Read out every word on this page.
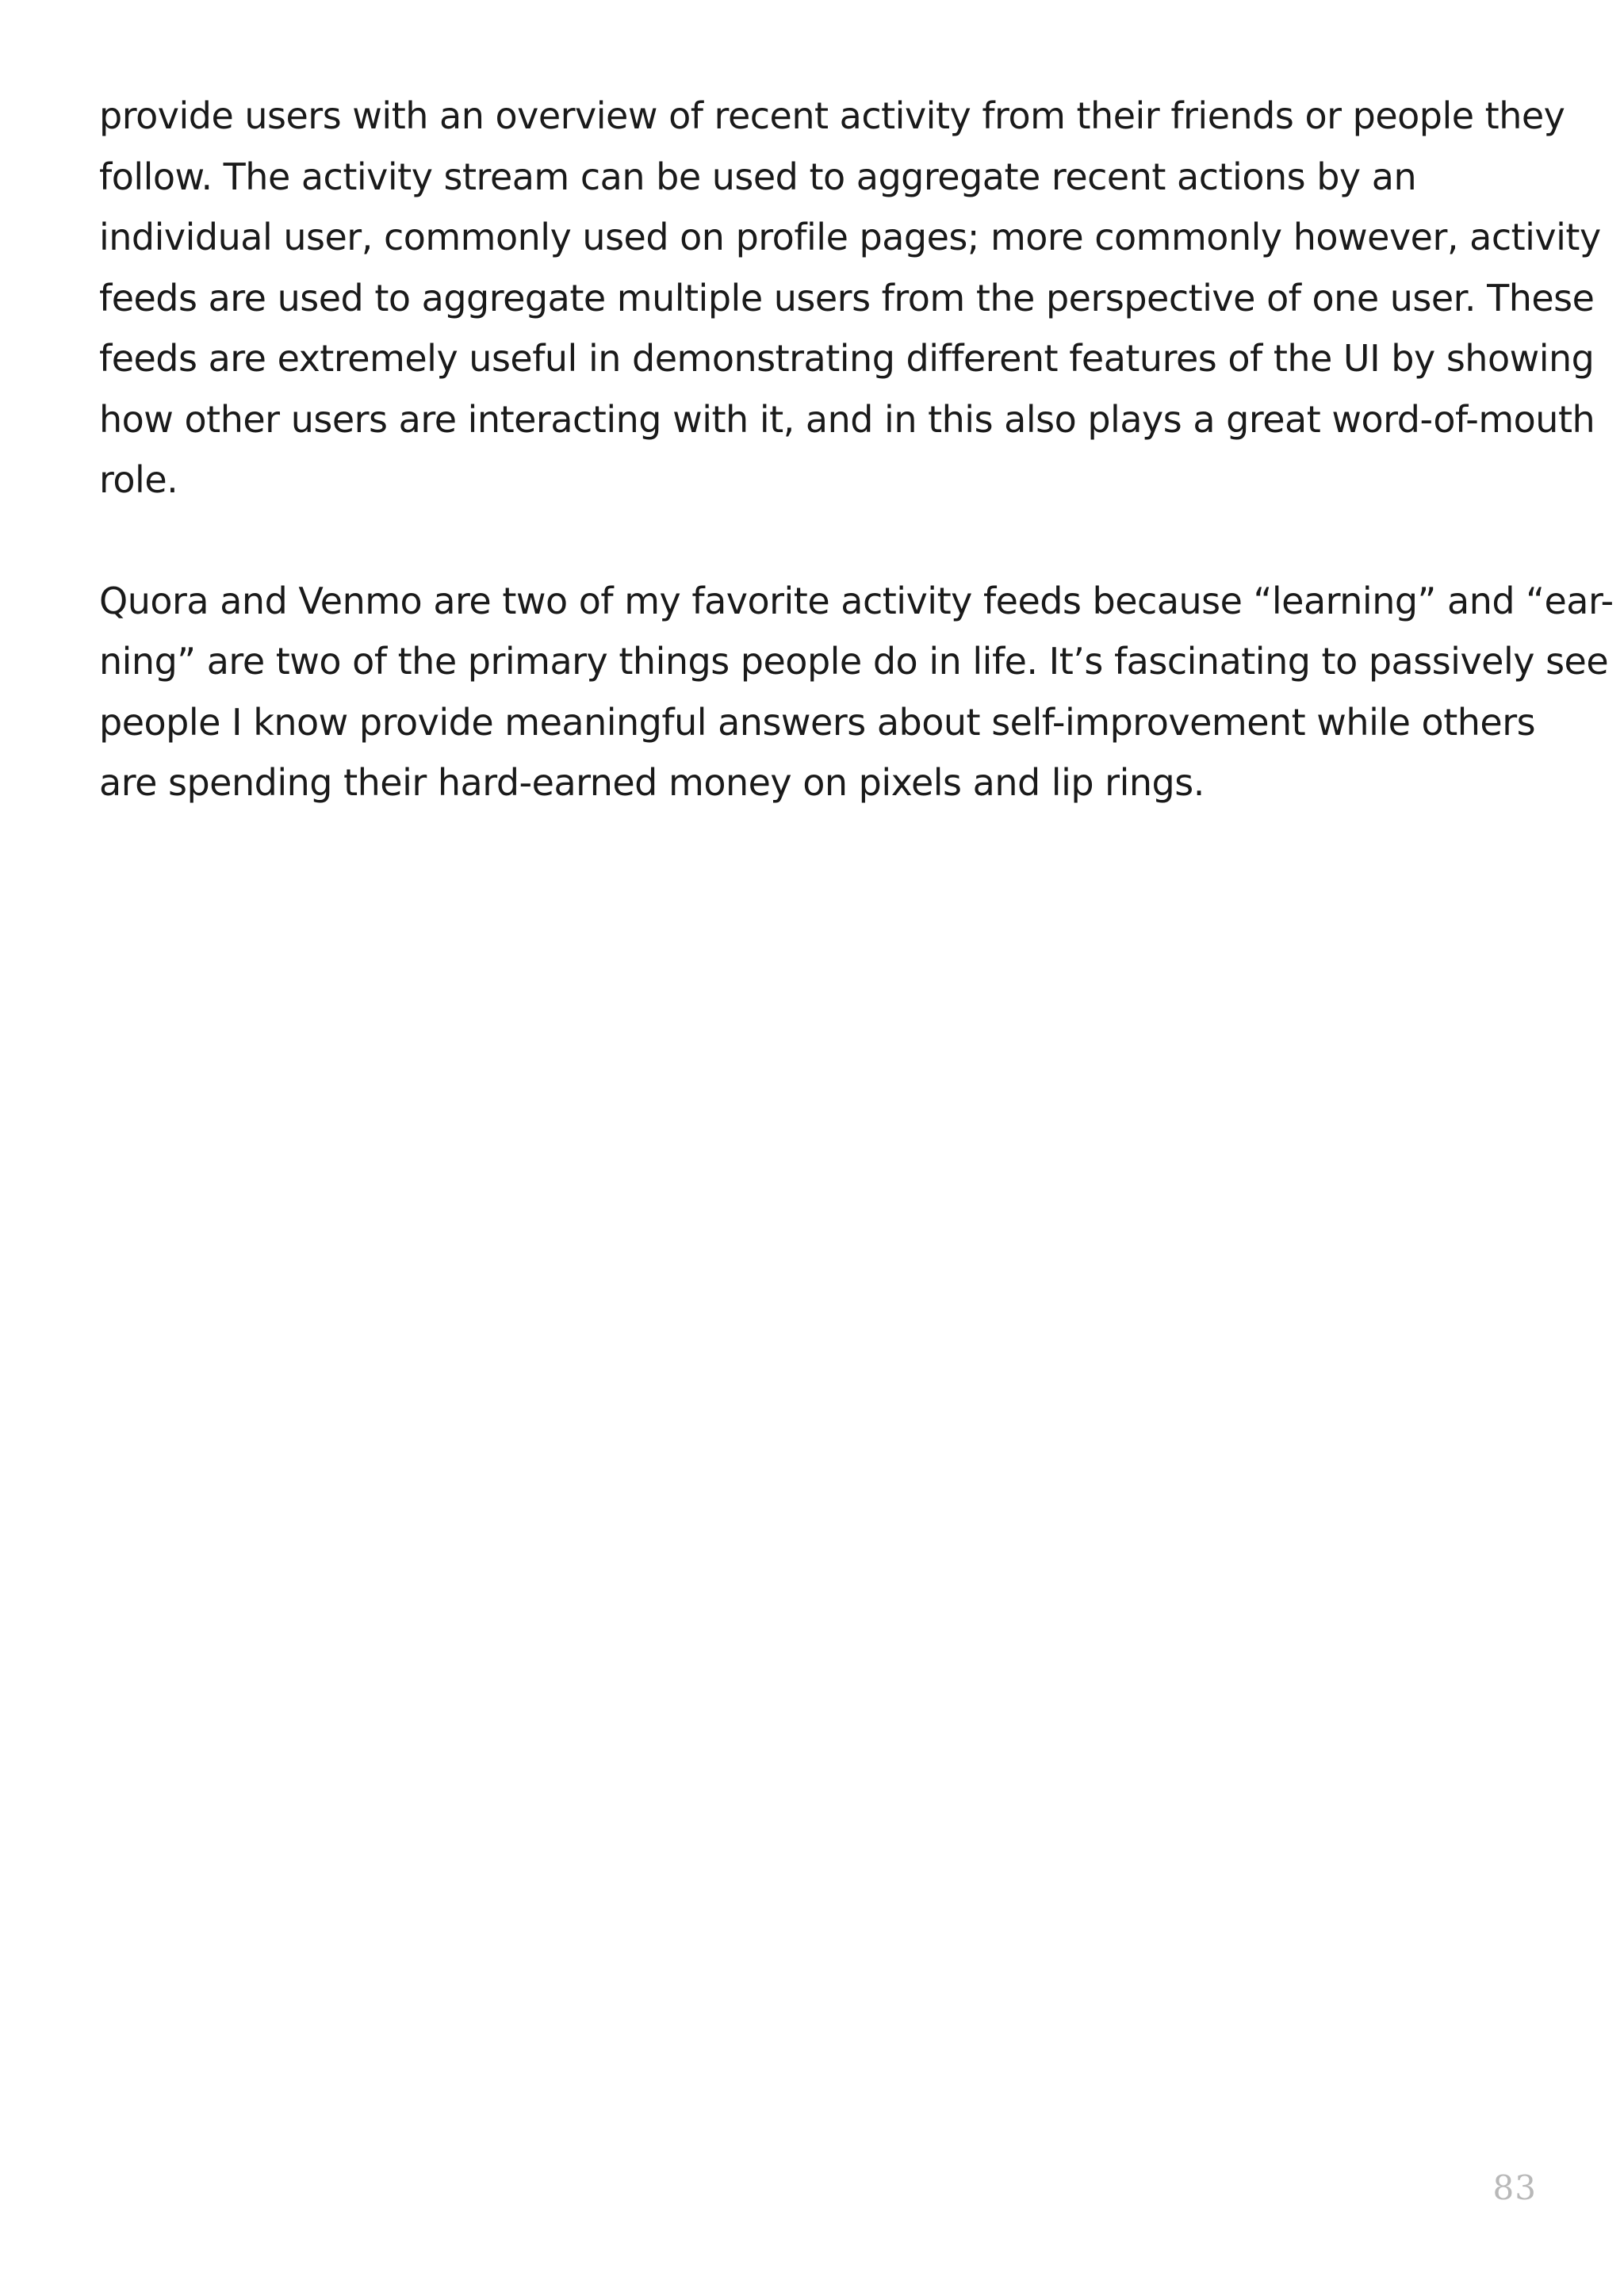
provide users with an overview of recent activity from their friends or people they
follow. The activity stream can be used to aggregate recent actions by an
individual user, commonly used on profile pages; more commonly however, activity
feeds are used to aggregate multiple users from the perspective of one user. These
feeds are extremely useful in demonstrating different features of the UI by showing
how other users are interacting with it, and in this also plays a great word-of-mouth
role.

Quora and Venmo are two of my favorite activity feeds because “learning” and “ear-
ning” are two of the primary things people do in life. It’s fascinating to passively see
people I know provide meaningful answers about self-improvement while others
are spending their hard-earned money on pixels and lip rings.

83
